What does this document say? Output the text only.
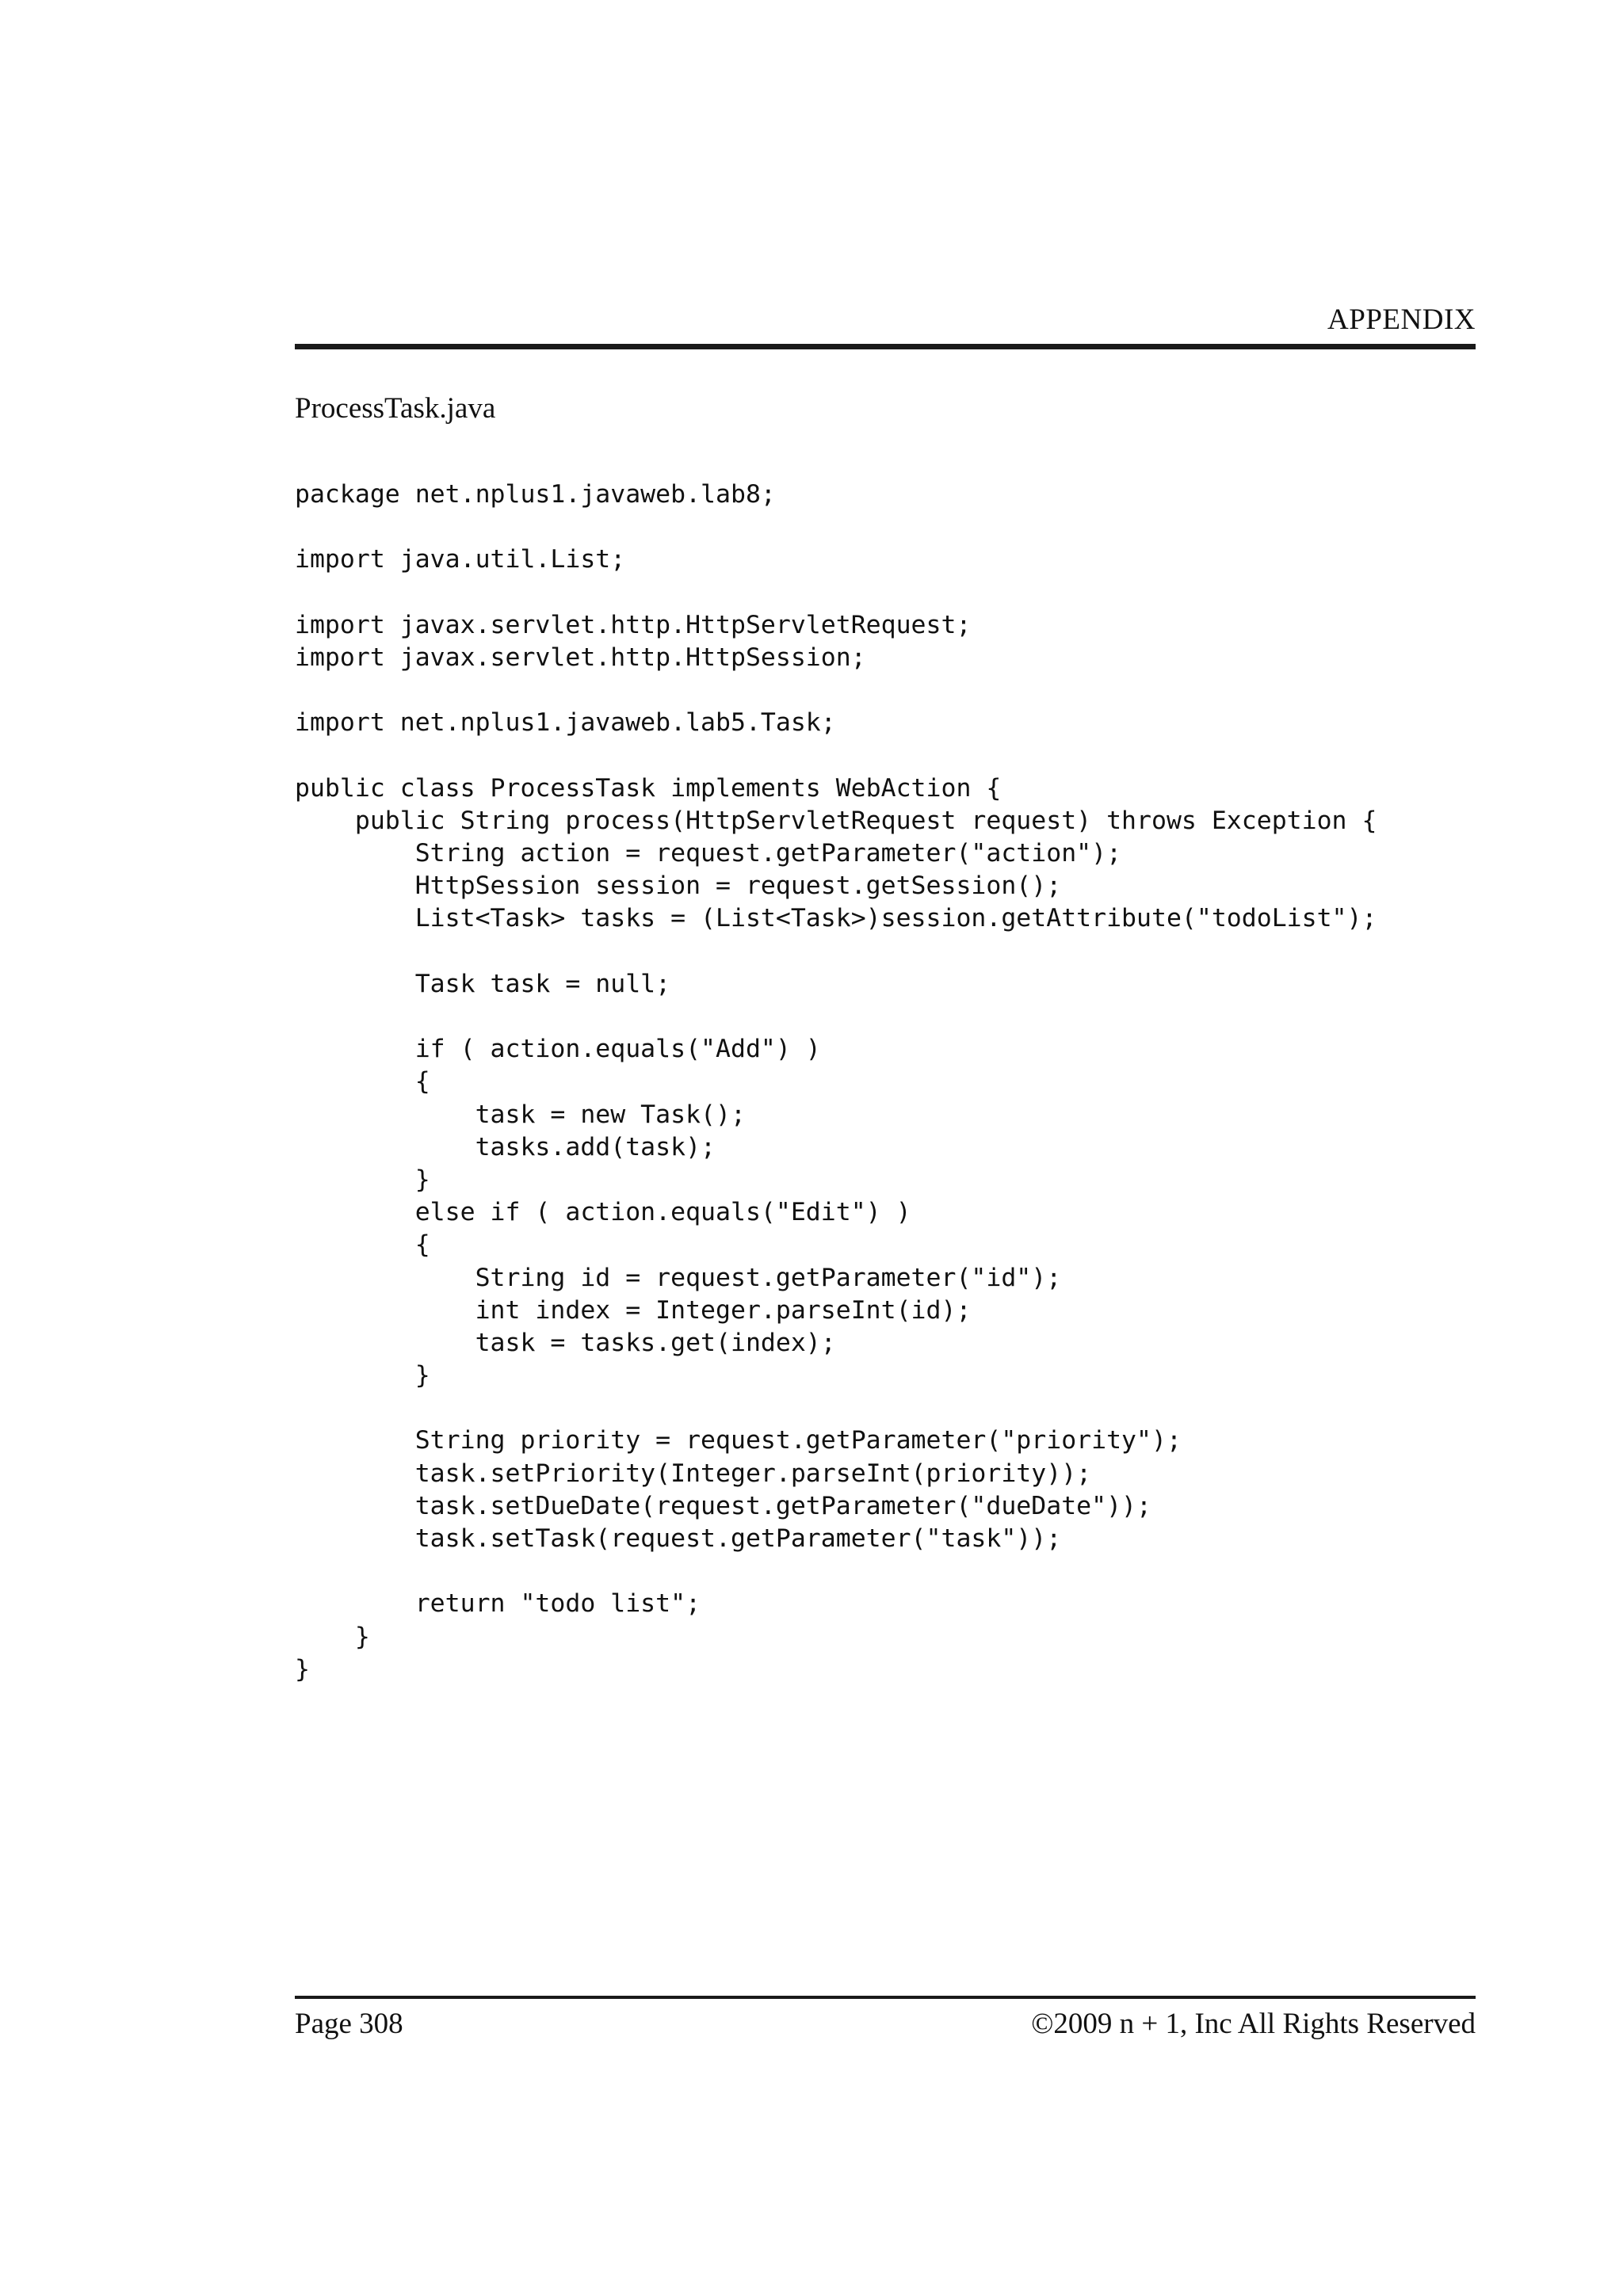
APPENDIX
ProcessTask.java
package net.nplus1.javaweb.lab8;
import java.util.List;
import javax.servlet.http.HttpServletRequest;
import javax.servlet.http.HttpSession;
import net.nplus1.javaweb.lab5.Task;
public class ProcessTask implements WebAction {
public String process(HttpServletRequest request) throws Exception {
String action = request.getParameter("action");
HttpSession session = request.getSession();
List<Task> tasks = (List<Task>)session.getAttribute("todoList");
Task task = null;
if ( action.equals("Add") )
{
task = new Task();
tasks.add(task);
}
else if ( action.equals("Edit") )
{
String id = request.getParameter("id");
int index = Integer.parseInt(id);
task = tasks.get(index);
}
String priority = request.getParameter("priority");
task.setPriority(Integer.parseInt(priority));
task.setDueDate(request.getParameter("dueDate"));
task.setTask(request.getParameter("task"));
return "todo list";
}
}
Page 308	©2009 n + 1, Inc All Rights Reserved
